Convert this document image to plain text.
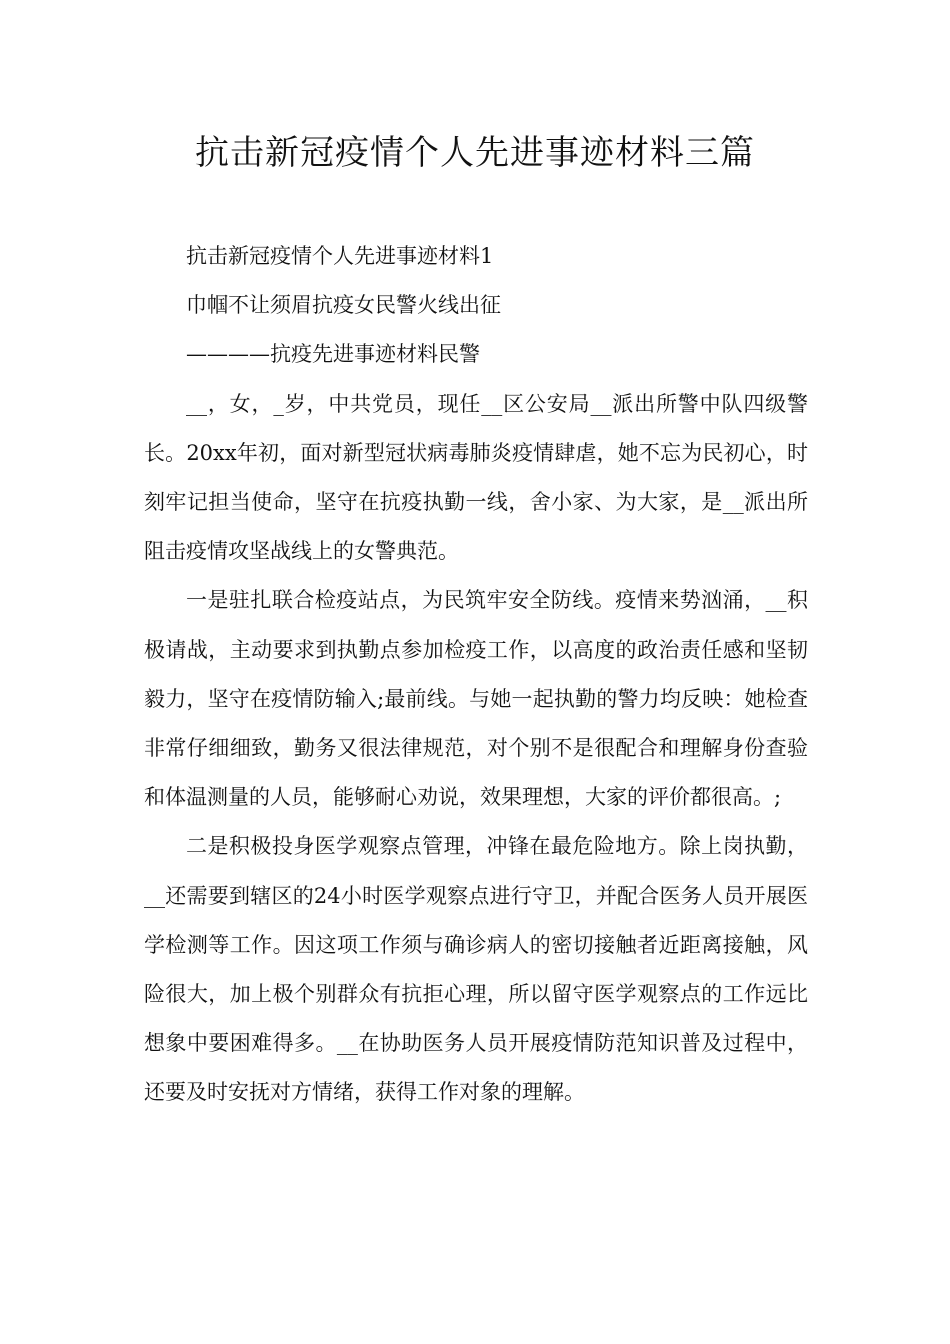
抗击新冠疫情个人先进事迹材料三篇

抗击新冠疫情个人先进事迹材料1

巾帼不让须眉抗疫女民警火线出征

————抗疫先进事迹材料民警

__，女，_岁，中共党员，现任__区公安局__派出所警中队四级警长。20xx年初，面对新型冠状病毒肺炎疫情肆虐，她不忘为民初心，时刻牢记担当使命，坚守在抗疫执勤一线，舍小家、为大家，是__派出所阻击疫情攻坚战线上的女警典范。

一是驻扎联合检疫站点，为民筑牢安全防线。疫情来势汹涌，__积极请战，主动要求到执勤点参加检疫工作，以高度的政治责任感和坚韧毅力，坚守在疫情防输入;最前线。与她一起执勤的警力均反映：她检查非常仔细细致，勤务又很法律规范，对个别不是很配合和理解身份查验和体温测量的人员，能够耐心劝说，效果理想，大家的评价都很高。;

二是积极投身医学观察点管理，冲锋在最危险地方。除上岗执勤，__还需要到辖区的24小时医学观察点进行守卫，并配合医务人员开展医学检测等工作。因这项工作须与确诊病人的密切接触者近距离接触，风险很大，加上极个别群众有抗拒心理，所以留守医学观察点的工作远比想象中要困难得多。__在协助医务人员开展疫情防范知识普及过程中，还要及时安抚对方情绪，获得工作对象的理解。
